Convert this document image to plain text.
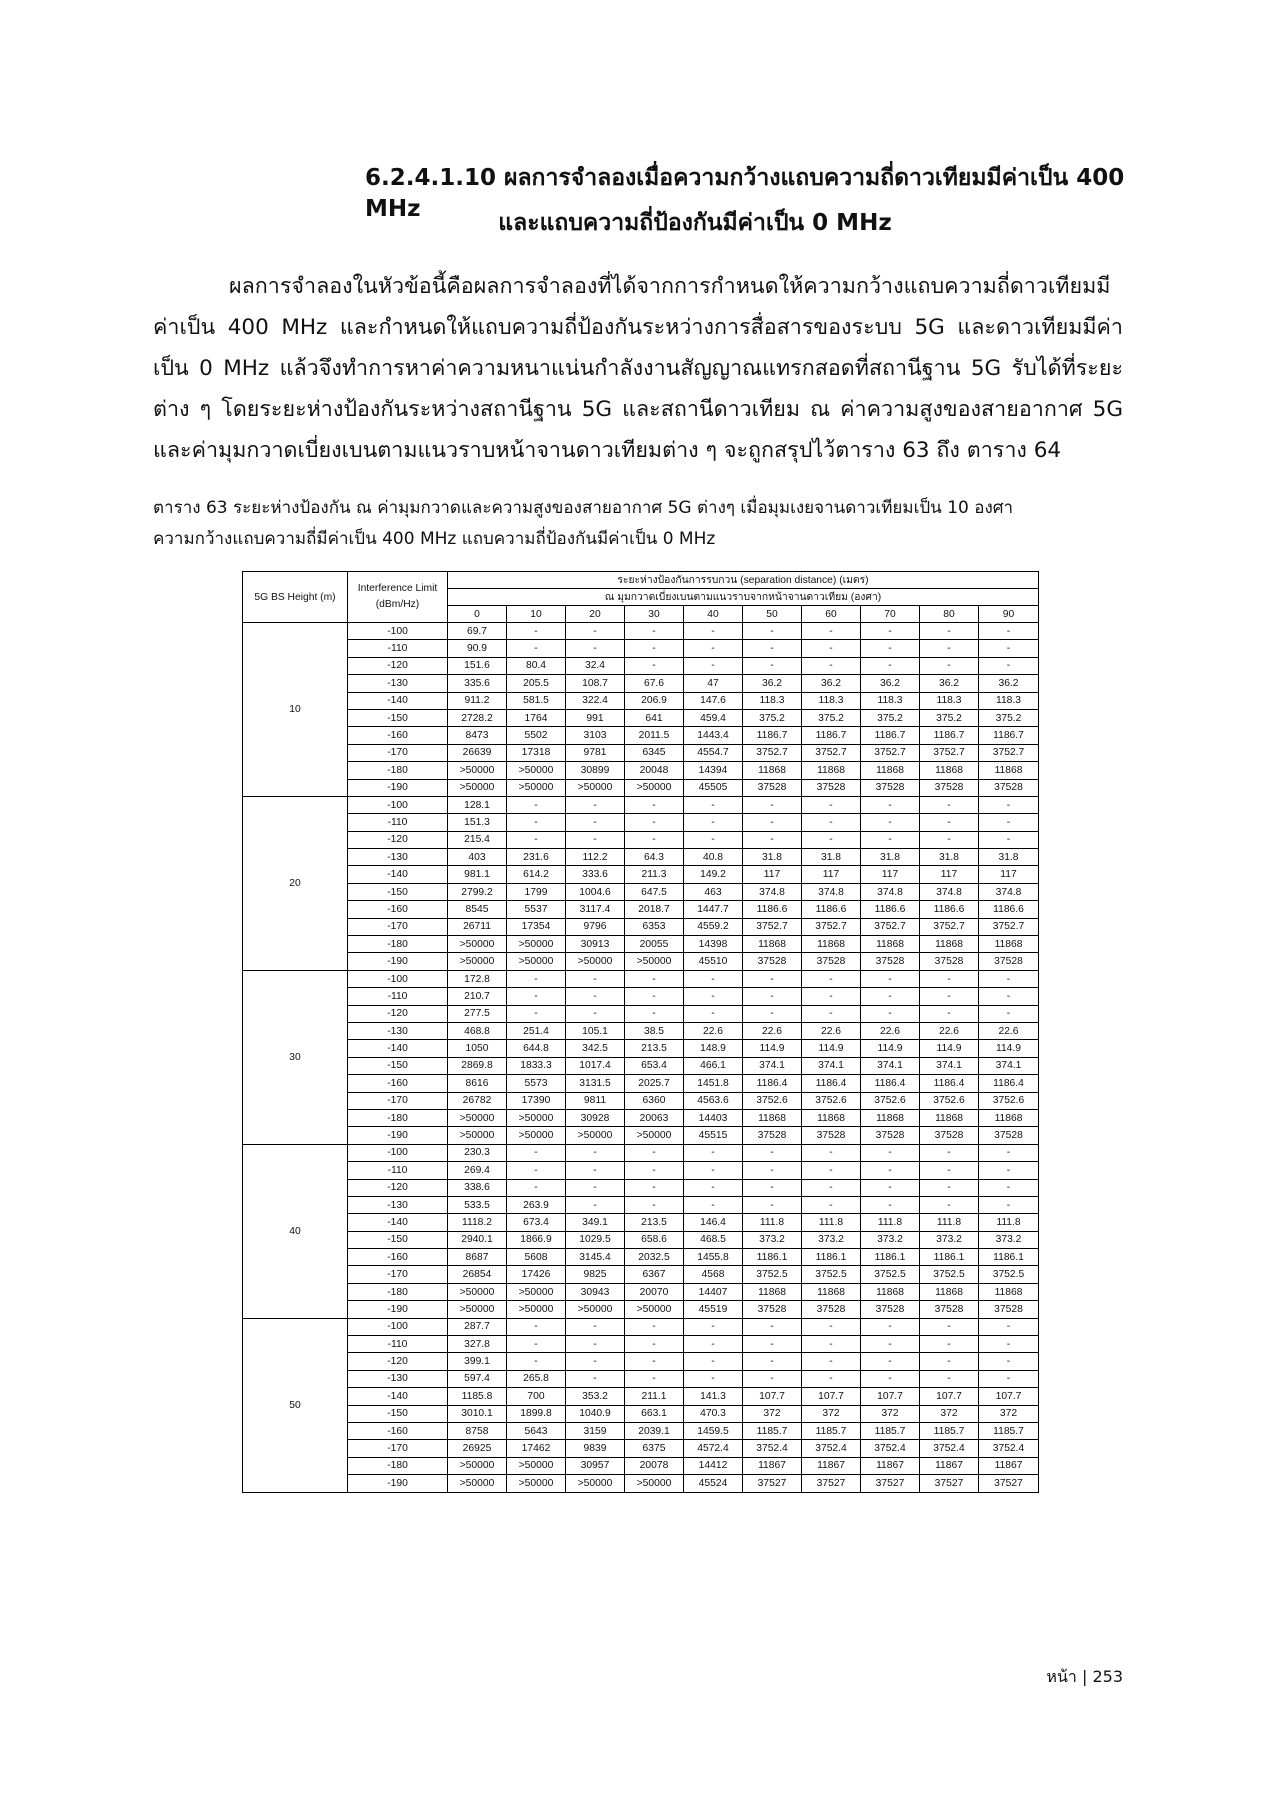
6.2.4.1.10 ผลการจำลองเมื่อความกว้างแถบความถี่ดาวเทียมมีค่าเป็น 400 MHz
และแถบความถี่ป้องกันมีค่าเป็น 0 MHz
ผลการจำลองในหัวข้อนี้คือผลการจำลองที่ได้จากการกำหนดให้ความกว้างแถบความถี่ดาวเทียมมีค่าเป็น 400 MHz และกำหนดให้แถบความถี่ป้องกันระหว่างการสื่อสารของระบบ 5G และดาวเทียมมีค่าเป็น 0 MHz แล้วจึงทำการหาค่าความหนาแน่นกำลังงานสัญญาณแทรกสอดที่สถานีฐาน 5G รับได้ที่ระยะต่าง ๆ โดยระยะห่างป้องกันระหว่างสถานีฐาน 5G และสถานีดาวเทียม ณ ค่าความสูงของสายอากาศ 5G และค่ามุมกวาดเบี่ยงเบนตามแนวราบหน้าจานดาวเทียมต่าง ๆ จะถูกสรุปไว้ตาราง 63 ถึง ตาราง 64
ตาราง 63 ระยะห่างป้องกัน ณ ค่ามุมกวาดและความสูงของสายอากาศ 5G ต่างๆ เมื่อมุมเงยจานดาวเทียมเป็น 10 องศา
ความกว้างแถบความถี่มีค่าเป็น 400 MHz แถบความถี่ป้องกันมีค่าเป็น 0 MHz
5G BS Height (m)	Interference Limit (dBm/Hz)	ระยะห่างป้องกันการรบกวน (separation distance) (เมตร)									
		ณ มุมกวาดเบี่ยงเบนตามแนวราบจากหน้าจานดาวเทียม (องศา)									
		0	10	20	30	40	50	60	70	80	90
10	-100	69.7	-	-	-	-	-	-	-	-	-
	-110	90.9	-	-	-	-	-	-	-	-	-
	-120	151.6	80.4	32.4	-	-	-	-	-	-	-
	-130	335.6	205.5	108.7	67.6	47	36.2	36.2	36.2	36.2	36.2
	-140	911.2	581.5	322.4	206.9	147.6	118.3	118.3	118.3	118.3	118.3
	-150	2728.2	1764	991	641	459.4	375.2	375.2	375.2	375.2	375.2
	-160	8473	5502	3103	2011.5	1443.4	1186.7	1186.7	1186.7	1186.7	1186.7
	-170	26639	17318	9781	6345	4554.7	3752.7	3752.7	3752.7	3752.7	3752.7
	-180	>50000	>50000	30899	20048	14394	11868	11868	11868	11868	11868
	-190	>50000	>50000	>50000	>50000	45505	37528	37528	37528	37528	37528
20	-100	128.1	-	-	-	-	-	-	-	-	-
	-110	151.3	-	-	-	-	-	-	-	-	-
	-120	215.4	-	-	-	-	-	-	-	-	-
	-130	403	231.6	112.2	64.3	40.8	31.8	31.8	31.8	31.8	31.8
	-140	981.1	614.2	333.6	211.3	149.2	117	117	117	117	117
	-150	2799.2	1799	1004.6	647.5	463	374.8	374.8	374.8	374.8	374.8
	-160	8545	5537	3117.4	2018.7	1447.7	1186.6	1186.6	1186.6	1186.6	1186.6
	-170	26711	17354	9796	6353	4559.2	3752.7	3752.7	3752.7	3752.7	3752.7
	-180	>50000	>50000	30913	20055	14398	11868	11868	11868	11868	11868
	-190	>50000	>50000	>50000	>50000	45510	37528	37528	37528	37528	37528
30	-100	172.8	-	-	-	-	-	-	-	-	-
	-110	210.7	-	-	-	-	-	-	-	-	-
	-120	277.5	-	-	-	-	-	-	-	-	-
	-130	468.8	251.4	105.1	38.5	22.6	22.6	22.6	22.6	22.6	22.6
	-140	1050	644.8	342.5	213.5	148.9	114.9	114.9	114.9	114.9	114.9
	-150	2869.8	1833.3	1017.4	653.4	466.1	374.1	374.1	374.1	374.1	374.1
	-160	8616	5573	3131.5	2025.7	1451.8	1186.4	1186.4	1186.4	1186.4	1186.4
	-170	26782	17390	9811	6360	4563.6	3752.6	3752.6	3752.6	3752.6	3752.6
	-180	>50000	>50000	30928	20063	14403	11868	11868	11868	11868	11868
	-190	>50000	>50000	>50000	>50000	45515	37528	37528	37528	37528	37528
40	-100	230.3	-	-	-	-	-	-	-	-	-
	-110	269.4	-	-	-	-	-	-	-	-	-
	-120	338.6	-	-	-	-	-	-	-	-	-
	-130	533.5	263.9	-	-	-	-	-	-	-	-
	-140	1118.2	673.4	349.1	213.5	146.4	111.8	111.8	111.8	111.8	111.8
	-150	2940.1	1866.9	1029.5	658.6	468.5	373.2	373.2	373.2	373.2	373.2
	-160	8687	5608	3145.4	2032.5	1455.8	1186.1	1186.1	1186.1	1186.1	1186.1
	-170	26854	17426	9825	6367	4568	3752.5	3752.5	3752.5	3752.5	3752.5
	-180	>50000	>50000	30943	20070	14407	11868	11868	11868	11868	11868
	-190	>50000	>50000	>50000	>50000	45519	37528	37528	37528	37528	37528
50	-100	287.7	-	-	-	-	-	-	-	-	-
	-110	327.8	-	-	-	-	-	-	-	-	-
	-120	399.1	-	-	-	-	-	-	-	-	-
	-130	597.4	265.8	-	-	-	-	-	-	-	-
	-140	1185.8	700	353.2	211.1	141.3	107.7	107.7	107.7	107.7	107.7
	-150	3010.1	1899.8	1040.9	663.1	470.3	372	372	372	372	372
	-160	8758	5643	3159	2039.1	1459.5	1185.7	1185.7	1185.7	1185.7	1185.7
	-170	26925	17462	9839	6375	4572.4	3752.4	3752.4	3752.4	3752.4	3752.4
	-180	>50000	>50000	30957	20078	14412	11867	11867	11867	11867	11867
	-190	>50000	>50000	>50000	>50000	45524	37527	37527	37527	37527	37527
หน้า | 253
